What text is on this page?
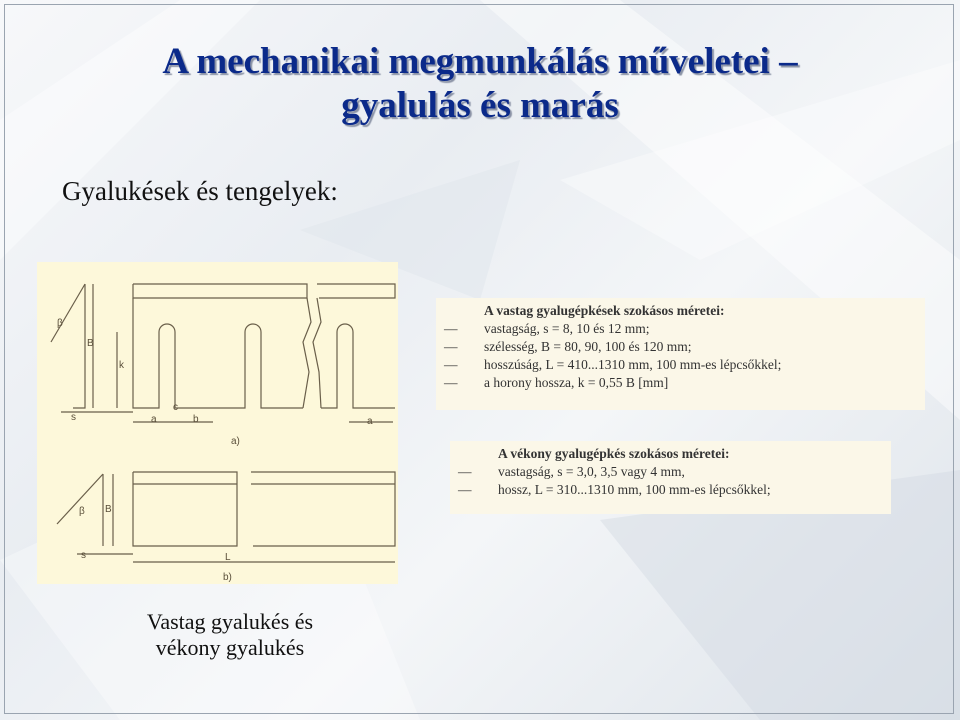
A mechanikai megmunkálás műveletei –
gyalulás és marás
Gyalukések és tengelyek:
β
B
k
s	a
c
b	a
a)
β B
s	L
b)
A vastag gyalugépkések szokásos méretei:
— vastagság, s = 8, 10 és 12 mm;
— szélesség, B = 80, 90, 100 és 120 mm;
— hosszúság, L = 410...1310 mm, 100 mm-es lépcsőkkel;
— a horony hossza, k = 0,55 B [mm]
A vékony gyalugépkés szokásos méretei:
— vastagság, s = 3,0, 3,5 vagy 4 mm,
— hossz, L = 310...1310 mm, 100 mm-es lépcsőkkel;
Vastag gyalukés és
vékony gyalukés
